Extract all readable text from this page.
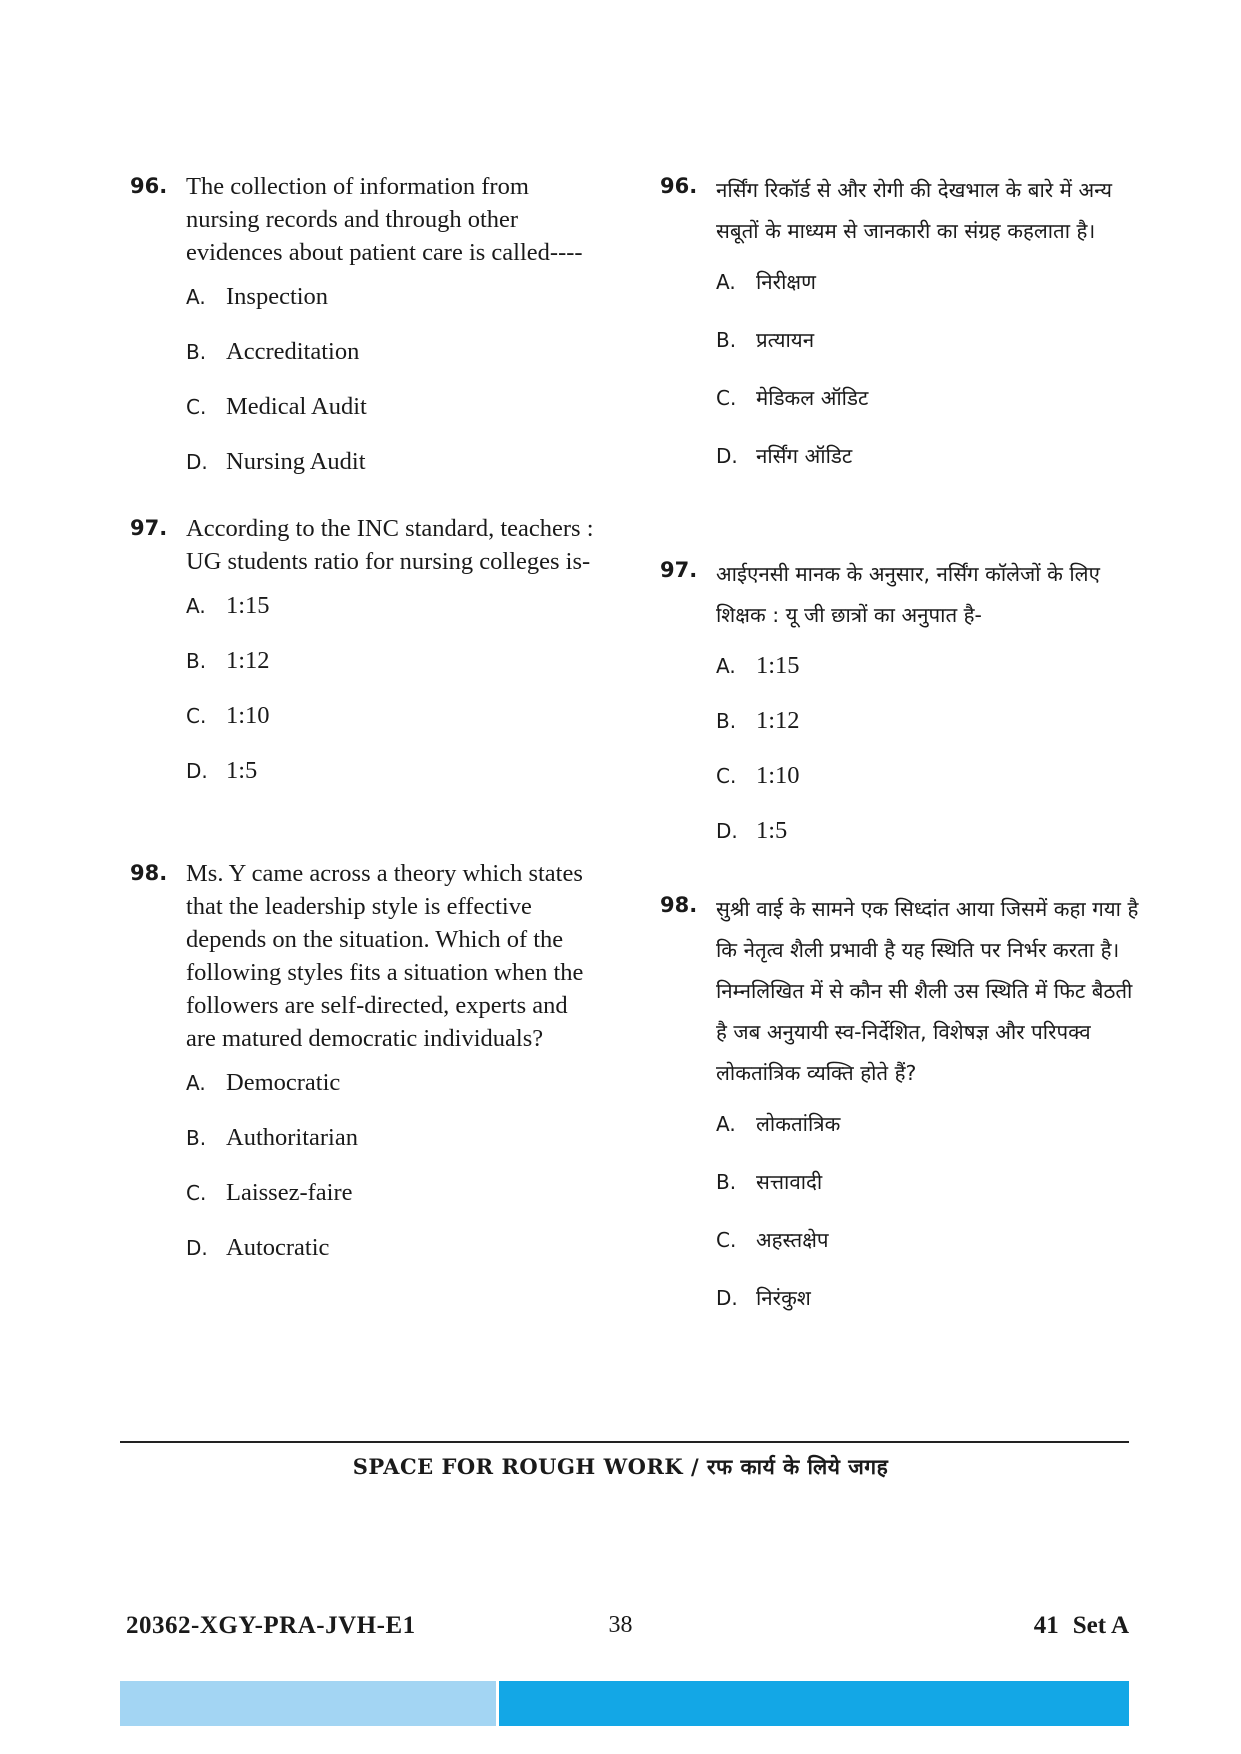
96. The collection of information from nursing records and through other evidences about patient care is called----
A. Inspection
B. Accreditation
C. Medical Audit
D. Nursing Audit
97. According to the INC standard, teachers : UG students ratio for nursing colleges is-
A. 1:15
B. 1:12
C. 1:10
D. 1:5
98. Ms. Y came across a theory which states that the leadership style is effective depends on the situation. Which of the following styles fits a situation when the followers are self-directed, experts and are matured democratic individuals?
A. Democratic
B. Authoritarian
C. Laissez-faire
D. Autocratic
96. नर्सिंग रिकॉर्ड से और रोगी की देखभाल के बारे में अन्य सबूतों के माध्यम से जानकारी का संग्रह कहलाता है।
A. निरीक्षण
B. प्रत्यायन
C. मेडिकल ऑडिट
D. नर्सिंग ऑडिट
97. आईएनसी मानक के अनुसार, नर्सिंग कॉलेजों के लिए शिक्षक : यू जी छात्रों का अनुपात है-
A. 1:15
B. 1:12
C. 1:10
D. 1:5
98. सुश्री वाई के सामने एक सिध्दांत आया जिसमें कहा गया है कि नेतृत्व शैली प्रभावी है यह स्थिति पर निर्भर करता है। निम्नलिखित में से कौन सी शैली उस स्थिति में फिट बैठती है जब अनुयायी स्व-निर्देशित, विशेषज्ञ और परिपक्व लोकतांत्रिक व्यक्ति होते हैं?
A. लोकतांत्रिक
B. सत्तावादी
C. अहस्तक्षेप
D. निरंकुश
SPACE FOR ROUGH WORK / रफ कार्य के लिये जगह
20362-XGY-PRA-JVH-E1	38	41 Set A
